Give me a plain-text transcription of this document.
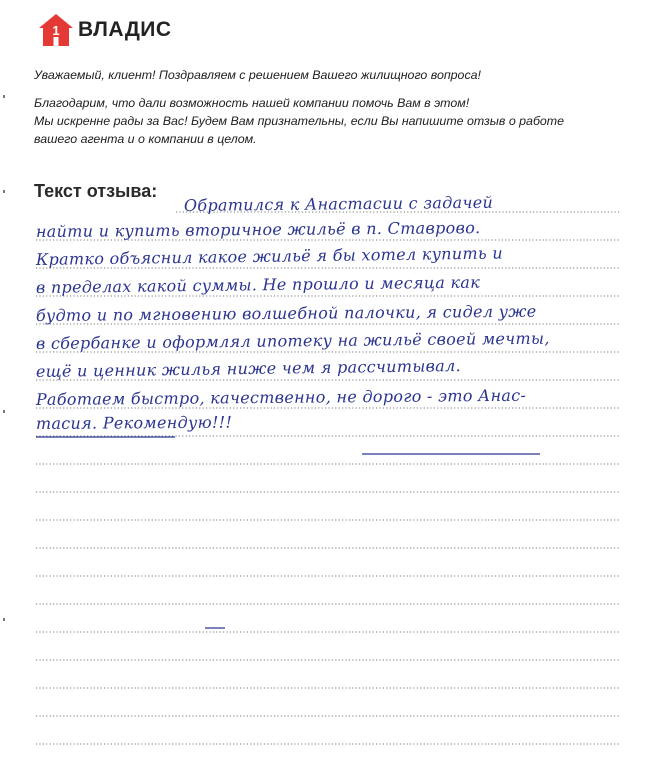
1 ВЛАДИС
Уважаемый, клиент! Поздравляем с решением Вашего жилищного вопроса!
Благодарим, что дали возможность нашей компании помочь Вам в этом!
Мы искренне рады за Вас! Будем Вам признательны, если Вы напишите отзыв о работе
вашего агента и о компании в целом.
Текст отзыва:
Обратился к Анастасии с задачей
найти и купить вторичное жильё в п. Ставрово.
Кратко объяснил какое жильё я бы хотел купить и
в пределах какой суммы. Не прошло и месяца как
будто и по мгновению волшебной палочки, я сидел уже
в сбербанке и оформлял ипотеку на жильё своей мечты,
ещё и ценник жилья ниже чем я рассчитывал.
Работаем быстро, качественно, не дорого - это Анас-
тасия. Рекомендую!!!
